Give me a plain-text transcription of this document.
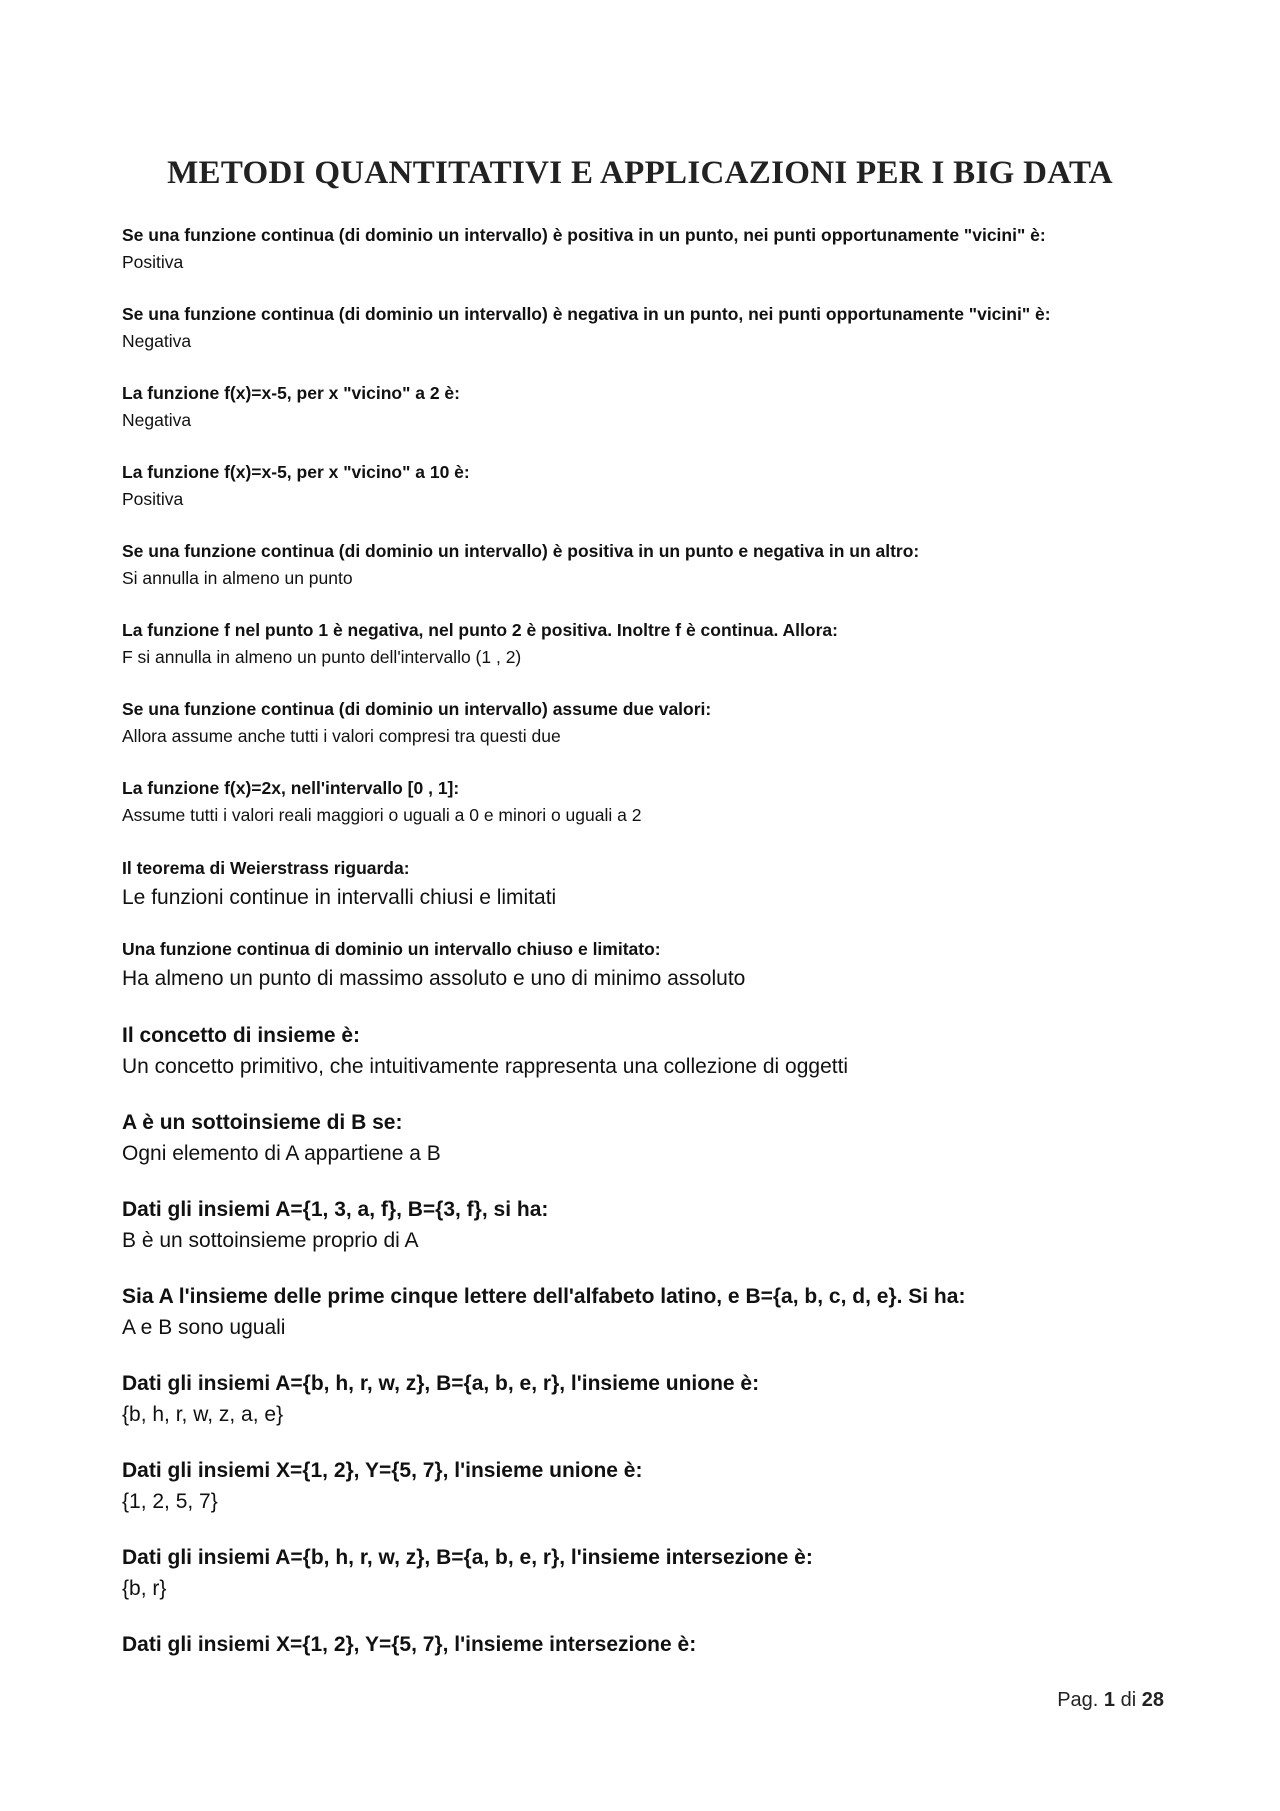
METODI QUANTITATIVI E APPLICAZIONI PER I BIG DATA

Se una funzione continua (di dominio un intervallo) è positiva in un punto, nei punti opportunamente "vicini" è:

Positiva

Se una funzione continua (di dominio un intervallo) è negativa in un punto, nei punti opportunamente "vicini" è:

Negativa

La funzione f(x)=x-5, per x "vicino" a 2 è:

Negativa

La funzione f(x)=x-5, per x "vicino" a 10 è:

Positiva

Se una funzione continua (di dominio un intervallo) è positiva in un punto e negativa in un altro:

Si annulla in almeno un punto

La funzione f nel punto 1 è negativa, nel punto 2 è positiva. Inoltre f è continua. Allora:

F si annulla in almeno un punto dell'intervallo (1 , 2)

Se una funzione continua (di dominio un intervallo) assume due valori:

Allora assume anche tutti i valori compresi tra questi due

La funzione f(x)=2x, nell'intervallo [0 , 1]:

Assume tutti i valori reali maggiori o uguali a 0 e minori o uguali a 2

Il teorema di Weierstrass riguarda:

Le funzioni continue in intervalli chiusi e limitati

Una funzione continua di dominio un intervallo chiuso e limitato:

Ha almeno un punto di massimo assoluto e uno di minimo assoluto

Il concetto di insieme è:

Un concetto primitivo, che intuitivamente rappresenta una collezione di oggetti

A è un sottoinsieme di B se:

Ogni elemento di A appartiene a B

Dati gli insiemi A={1, 3, a, f}, B={3, f}, si ha:

B è un sottoinsieme proprio di A

Sia A l'insieme delle prime cinque lettere dell'alfabeto latino, e B={a, b, c, d, e}. Si ha:

A e B sono uguali

Dati gli insiemi A={b, h, r, w, z}, B={a, b, e, r}, l'insieme unione è:

{b, h, r, w, z, a, e}

Dati gli insiemi X={1, 2}, Y={5, 7}, l'insieme unione è:

{1, 2, 5, 7}

Dati gli insiemi A={b, h, r, w, z}, B={a, b, e, r}, l'insieme intersezione è:

{b, r}

Dati gli insiemi X={1, 2}, Y={5, 7}, l'insieme intersezione è:

Pag. 1 di 28
